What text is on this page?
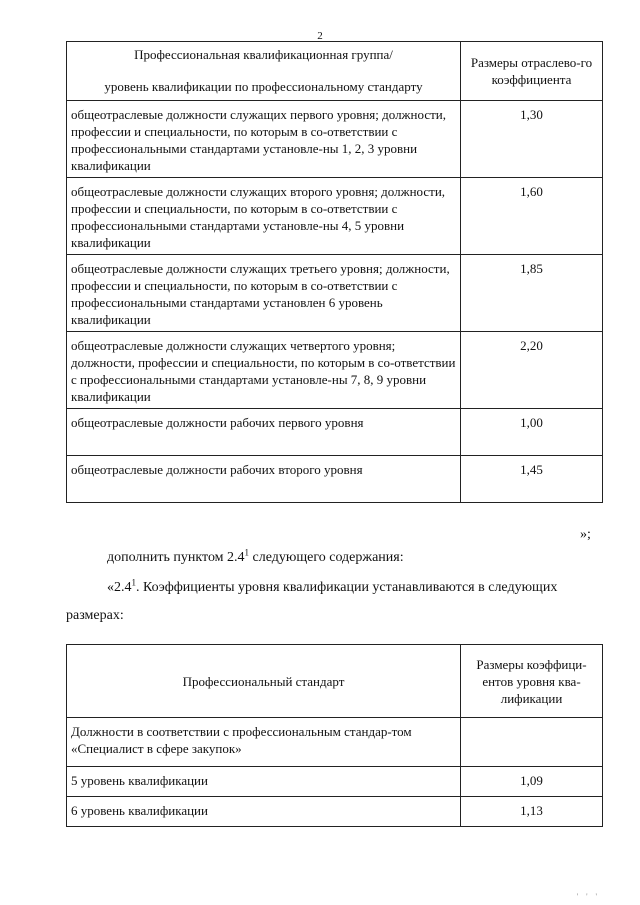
2
Профессиональная квалификационная группа/
уровень квалификации по профессиональному стандарту	Размеры отраслево-го коэффициента
общеотраслевые должности служащих первого уровня; должности, профессии и специальности, по которым в со-ответствии с профессиональными стандартами установле-ны 1, 2, 3 уровни квалификации	1,30
общеотраслевые должности служащих второго уровня; должности, профессии и специальности, по которым в со-ответствии с профессиональными стандартами установле-ны 4, 5 уровни квалификации	1,60
общеотраслевые должности служащих третьего уровня; должности, профессии и специальности, по которым в со-ответствии с профессиональными стандартами установлен 6 уровень квалификации	1,85
общеотраслевые должности служащих четвертого уровня; должности, профессии и специальности, по которым в со-ответствии с профессиональными стандартами установле-ны 7, 8, 9 уровни квалификации	2,20
общеотраслевые должности рабочих первого уровня	1,00
общеотраслевые должности рабочих второго уровня	1,45
»;
дополнить пунктом $2.4^1$ следующего содержания:
«$2.4^1$. Коэффициенты уровня квалификации устанавливаются в следующих
размерах:
Профессиональный стандарт	Размеры коэффици-ентов уровня ква-лификации
Должности в соответствии с профессиональным стандар-том «Специалист в сфере закупок»	
5 уровень квалификации	1,09
6 уровень квалификации	1,13
' ' '
